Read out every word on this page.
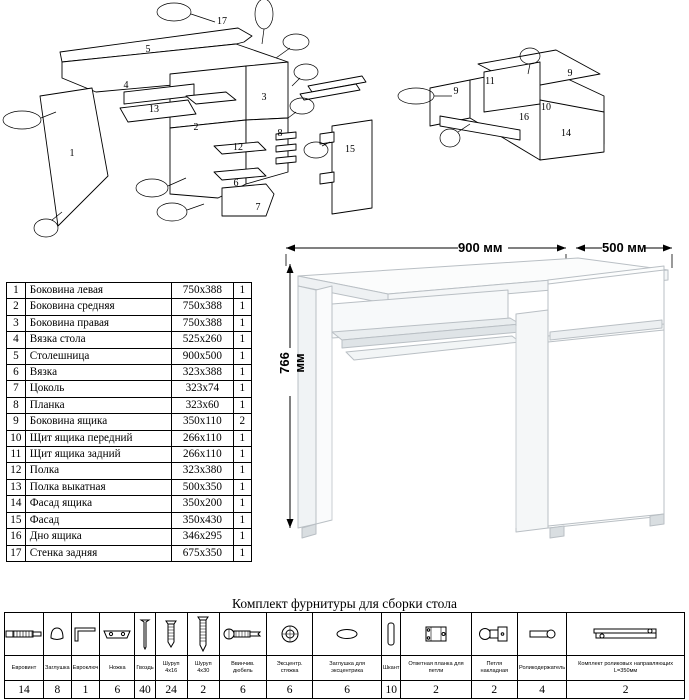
17
5
4
13
3
2
1
12
6
7
8
15
11
9
9
10
14
16
1	Боковина левая	750х388	1
2	Боковина средняя	750х388	1
3	Боковина правая	750х388	1
4	Вязка стола	525х260	1
5	Столешница	900х500	1
6	Вязка	323х388	1
7	Цоколь	323х74	1
8	Планка	323х60	1
9	Боковина ящика	350х110	2
10	Щит ящика передний	266х110	1
11	Щит ящика задний	266х110	1
12	Полка	323х380	1
13	Полка выкатная	500х350	1
14	Фасад ящика	350х200	1
15	Фасад	350х430	1
16	Дно ящика	346х295	1
17	Стенка задняя	675х350	1
900 мм	500 мм
766 мм
Комплект фурнитуры для сборки стола

Евровинт	Заглушка	Евроключ	Ножка	Гвоздь	Шуруп 4х16	Шуруп 4х30	Ввинчив. дюбель	Эксцентр. стяжка	Заглушка для эксцентрика	Шкант	Ответная планка для петли	Петля накладная	Роликодержатель	Комплект роликовых направляющих L=350мм
14	8	1	6	40	24	2	6	6	6	10	2	2	4	2
